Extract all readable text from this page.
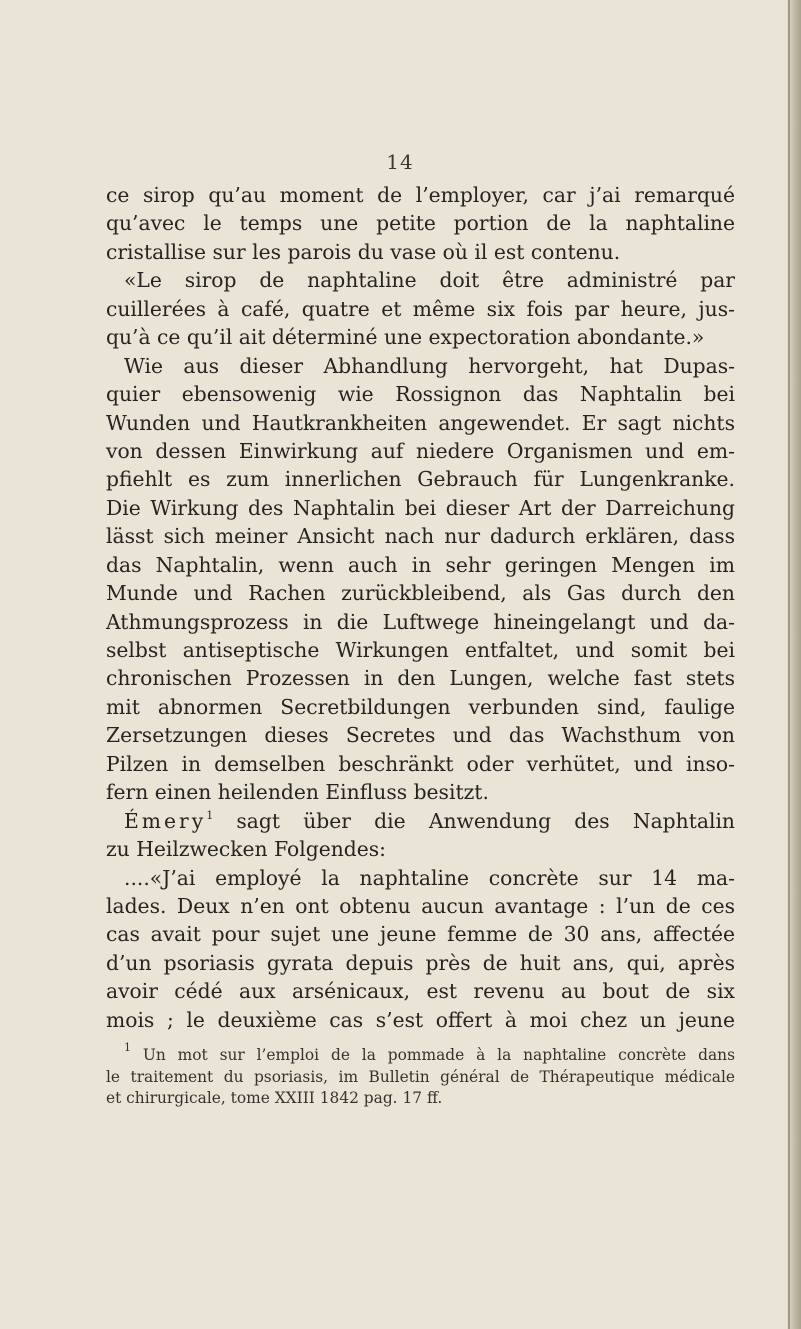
14
ce sirop qu’au moment de l’employer, car j’ai remarqué
qu’avec le temps une petite portion de la naphtaline
cristallise sur les parois du vase où il est contenu.
«Le sirop de naphtaline doit être administré par
cuillerées à café, quatre et même six fois par heure, jus-
qu’à ce qu’il ait déterminé une expectoration abondante.»
Wie aus dieser Abhandlung hervorgeht, hat Dupas-
quier ebensowenig wie Rossignon das Naphtalin bei
Wunden und Hautkrankheiten angewendet. Er sagt nichts
von dessen Einwirkung auf niedere Organismen und em-
pfiehlt es zum innerlichen Gebrauch für Lungenkranke.
Die Wirkung des Naphtalin bei dieser Art der Darreichung
lässt sich meiner Ansicht nach nur dadurch erklären, dass
das Naphtalin, wenn auch in sehr geringen Mengen im
Munde und Rachen zurückbleibend, als Gas durch den
Athmungsprozess in die Luftwege hineingelangt und da-
selbst antiseptische Wirkungen entfaltet, und somit bei
chronischen Prozessen in den Lungen, welche fast stets
mit abnormen Secretbildungen verbunden sind, faulige
Zersetzungen dieses Secretes und das Wachsthum von
Pilzen in demselben beschränkt oder verhütet, und inso-
fern einen heilenden Einfluss besitzt.
Émery$^1$ sagt über die Anwendung des Naphtalin
zu Heilzwecken Folgendes:
....«J’ai employé la naphtaline concrète sur 14 ma-
lades. Deux n’en ont obtenu aucun avantage : l’un de ces
cas avait pour sujet une jeune femme de 30 ans, affectée
d’un psoriasis gyrata depuis près de huit ans, qui, après
avoir cédé aux arsénicaux, est revenu au bout de six
mois ; le deuxième cas s’est offert à moi chez un jeune
$^1$ Un mot sur l’emploi de la pommade à la naphtaline concrète dans
le traitement du psoriasis, im Bulletin général de Thérapeutique médicale
et chirurgicale, tome XXIII 1842 pag. 17 ff.
